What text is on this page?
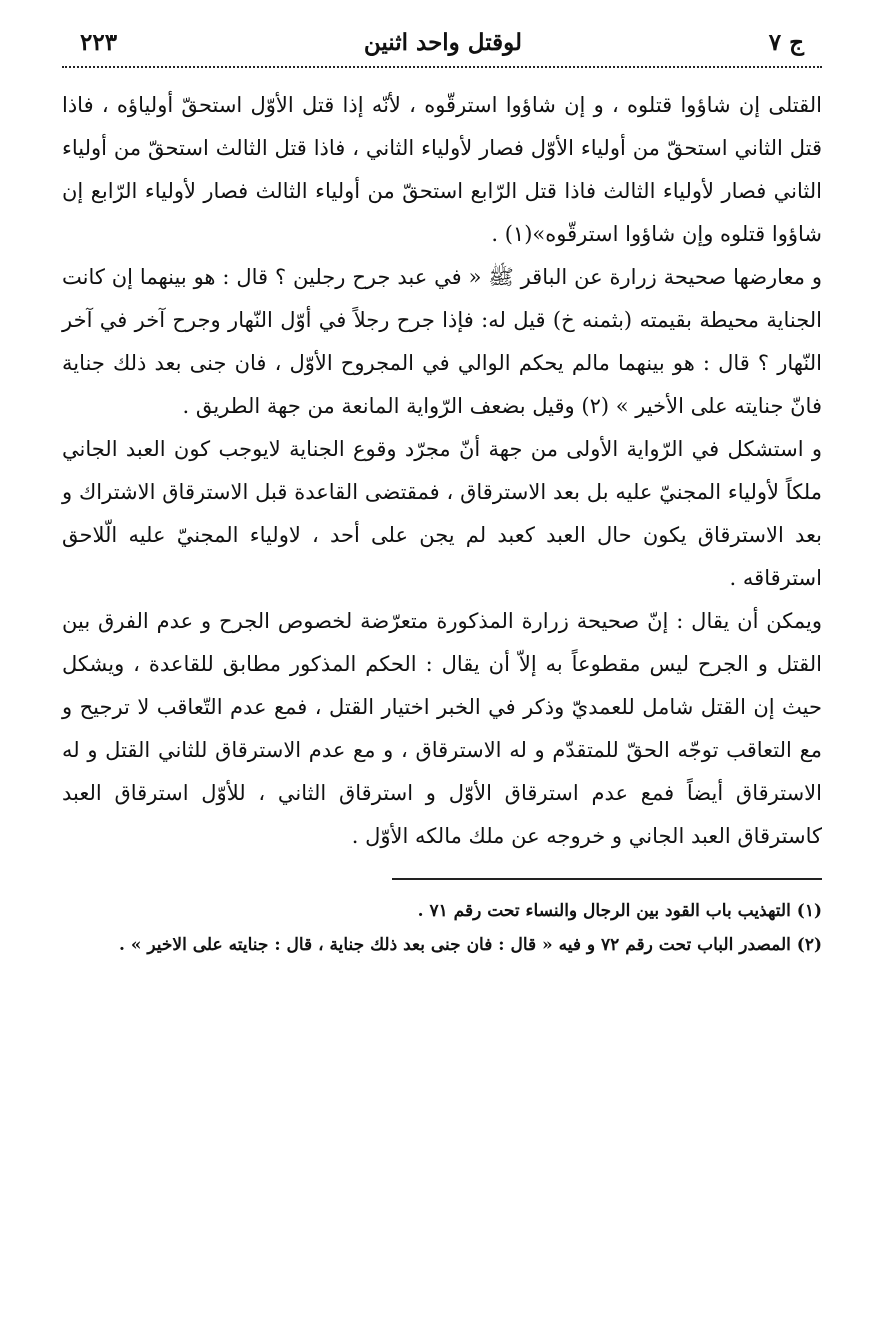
ج ٧
لوقتل واحد اثنين
٢٢٣

القتلى إن شاؤوا قتلوه ، و إن شاؤوا استرقّوه ، لأنّه إذا قتل الأوّل استحقّ أولياؤه ، فاذا قتل الثاني استحقّ من أولياء الأوّل فصار لأولياء الثاني ، فاذا قتل الثالث استحقّ من أولياء الثاني فصار لأولياء الثالث فاذا قتل الرّابع استحقّ من أولياء الثالث فصار لأولياء الرّابع إن شاؤوا قتلوه وإن شاؤوا استرقّوه»(١) .

و معارضها صحيحة زرارة عن الباقر ﷺ « في عبد جرح رجلين ؟ قال : هو بينهما إن كانت الجناية محيطة بقيمته (بثمنه خ) قيل له: فإذا جرح رجلاً في أوّل النّهار وجرح آخر في آخر النّهار ؟ قال : هو بينهما مالم يحكم الوالي في المجروح الأوّل ، فان جنى بعد ذلك جناية فانّ جنايته على الأخير » (٢) وقيل بضعف الرّواية المانعة من جهة الطريق .

و استشكل في الرّواية الأولى من جهة أنّ مجرّد وقوع الجناية لايوجب كون العبد الجاني ملكاً لأولياء المجنيّ عليه بل بعد الاسترقاق ، فمقتضى القاعدة قبل الاسترقاق الاشتراك و بعد الاسترقاق يكون حال العبد كعبد لم يجن على أحد ، لاولياء المجنيّ عليه الّلاحق استرقاقه .

ويمكن أن يقال : إنّ صحيحة زرارة المذكورة متعرّضة لخصوص الجرح و عدم الفرق بين القتل و الجرح ليس مقطوعاً به إلاّ أن يقال : الحكم المذكور مطابق للقاعدة ، ويشكل حيث إن القتل شامل للعمديّ وذكر في الخبر اختيار القتل ، فمع عدم التّعاقب لا ترجيح و مع التعاقب توجّه الحقّ للمتقدّم و له الاسترقاق ، و مع عدم الاسترقاق للثاني القتل و له الاسترقاق أيضاً فمع عدم استرقاق الأوّل و استرقاق الثاني ، للأوّل استرقاق العبد كاسترقاق العبد الجاني و خروجه عن ملك مالكه الأوّل .

(١) التهذيب باب القود بين الرجال والنساء تحت رقم ٧١ .

(٢) المصدر الباب تحت رقم ٧٢ و فيه « قال : فان جنى بعد ذلك جناية ، قال : جنايته على الاخير » .
